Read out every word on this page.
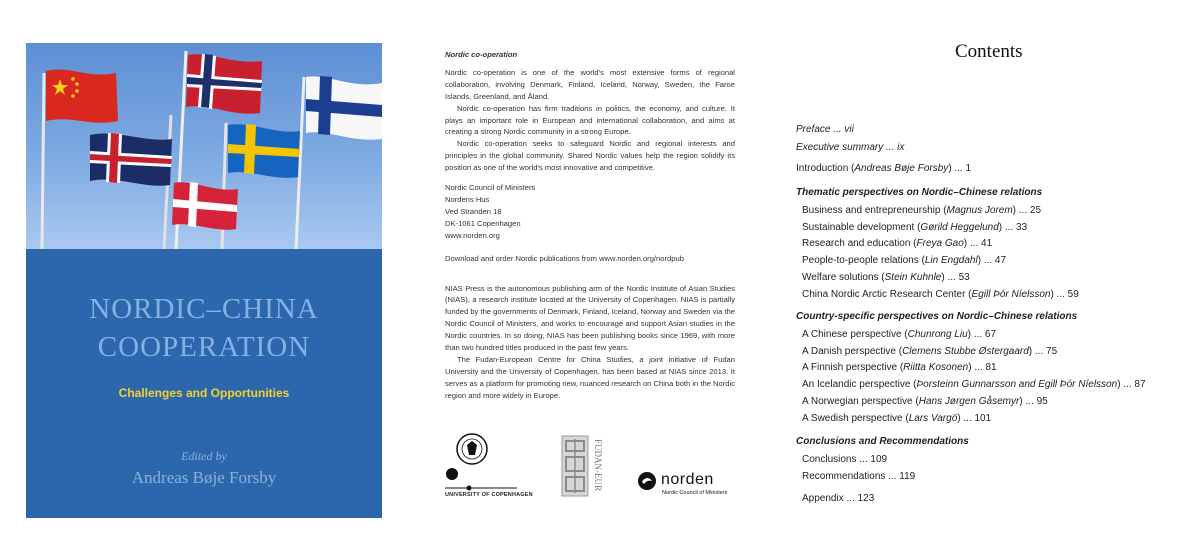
NORDIC–CHINA
COOPERATION
Challenges and Opportunities
Edited by
Andreas Bøje Forsby

Nordic co-operation

Nordic co-operation is one of the world's most extensive forms of regional collaboration, involving Denmark, Finland, Iceland, Norway, Sweden, the Faroe Islands, Greenland, and Åland.

Nordic co-operation has firm traditions in politics, the economy, and culture. It plays an important role in European and international collaboration, and aims at creating a strong Nordic community in a strong Europe.

Nordic co-operation seeks to safeguard Nordic and regional interests and principles in the global community. Shared Nordic values help the region solidify its position as one of the world's most innovative and competitive.

Nordic Council of Ministers
Nordens Hus
Ved Stranden 18
DK-1061 Copenhagen
www.norden.org

Download and order Nordic publications from www.norden.org/nordpub

NIAS Press is the autonomous publishing arm of the Nordic Institute of Asian Studies (NIAS), a research institute located at the University of Copenhagen. NIAS is partially funded by the governments of Denmark, Finland, Iceland, Norway and Sweden via the Nordic Council of Ministers, and works to encourage and support Asian studies in the Nordic countries. In so doing, NIAS has been publishing books since 1969, with more than two hundred titles produced in the past few years.

The Fudan-European Centre for China Studies, a joint initiative of Fudan University and the University of Copenhagen, has been based at NIAS since 2013. It serves as a platform for promoting new, nuanced research on China both in the Nordic region and more widely in Europe.

UNIVERSITY OF COPENHAGEN
FUDAN-EUR	norden
Nordic Council of Ministers
Contents
Preface ... vii
Executive summary ... ix
Introduction (Andreas Bøje Forsby) ... 1
Thematic perspectives on Nordic–Chinese relations
Business and entrepreneurship (Magnus Jorem) ... 25
Sustainable development (Gørild Heggelund) ... 33
Research and education (Freya Gao) ... 41
People-to-people relations (Lin Engdahl) ... 47
Welfare solutions (Stein Kuhnle) ... 53
China Nordic Arctic Research Center (Egill Þór Níelsson) ... 59
Country-specific perspectives on Nordic–Chinese relations
A Chinese perspective (Chunrong Liu) ... 67
A Danish perspective (Clemens Stubbe Østergaard) ... 75
A Finnish perspective (Riitta Kosonen) ... 81
An Icelandic perspective (Þorsteinn Gunnarsson and Egill Þór Níelsson) ... 87
A Norwegian perspective (Hans Jørgen Gåsemyr) ... 95
A Swedish perspective (Lars Vargö) ... 101
Conclusions and Recommendations
Conclusions ... 109
Recommendations ... 119
Appendix ... 123
